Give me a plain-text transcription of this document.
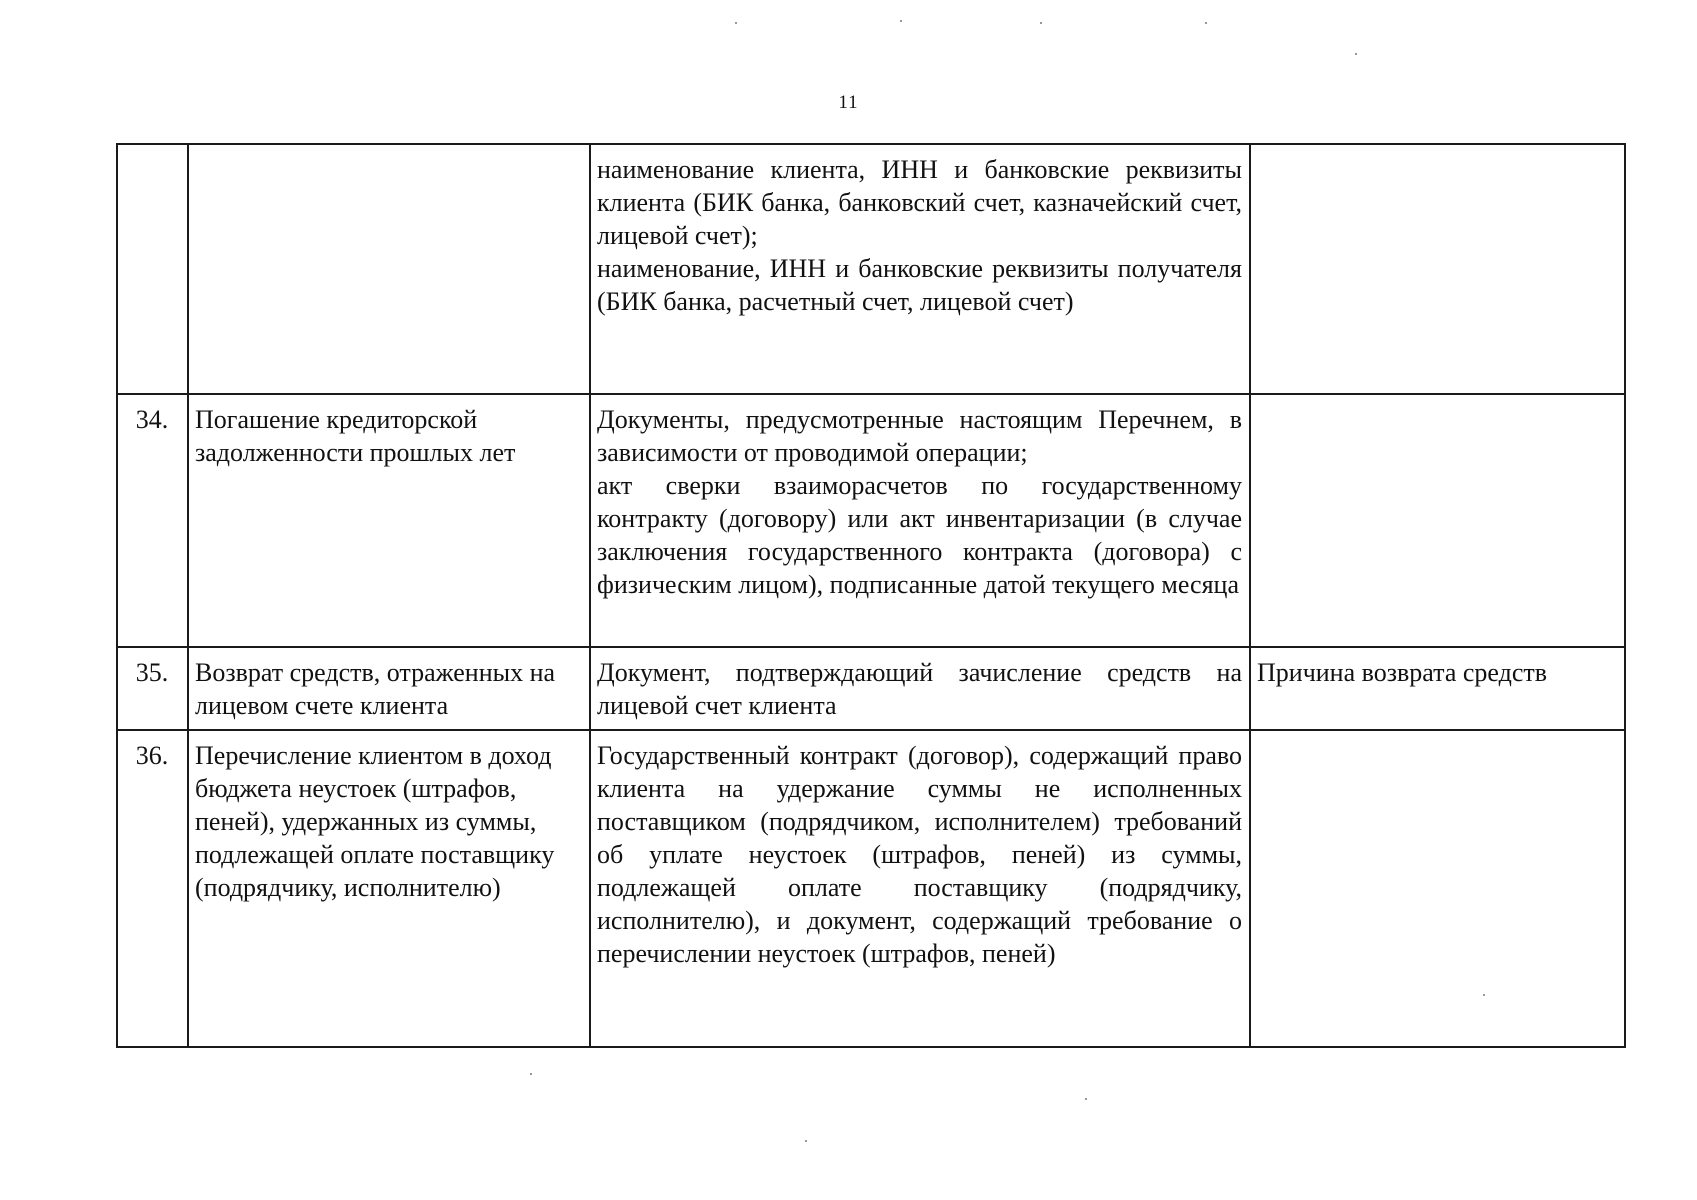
11

		наименование клиента, ИНН и банковские реквизиты клиента (БИК банка, банковский счет, казначейский счет, лицевой счет);
наименование, ИНН и банковские реквизиты получателя (БИК банка, расчетный счет, лицевой счет)	

34.	Погашение кредиторской задолженности прошлых лет	Документы, предусмотренные настоящим Перечнем, в зависимости от проводимой операции;
акт сверки взаиморасчетов по государственному контракту (договору) или акт инвентаризации (в случае заключения государственного контракта (договора) с физическим лицом), подписанные датой текущего месяца	

35.	Возврат средств, отраженных на лицевом счете клиента	Документ, подтверждающий зачисление средств на лицевой счет клиента	Причина возврата средств
36.	Перечисление клиентом в доход бюджета неустоек (штрафов, пеней), удержанных из суммы, подлежащей оплате поставщику (подрядчику, исполнителю)	Государственный контракт (договор), содержащий право клиента на удержание суммы не исполненных поставщиком (подрядчиком, исполнителем) требований об уплате неустоек (штрафов, пеней) из суммы, подлежащей оплате поставщику (подрядчику, исполнителю), и документ, содержащий требование о перечислении неустоек (штрафов, пеней)	
